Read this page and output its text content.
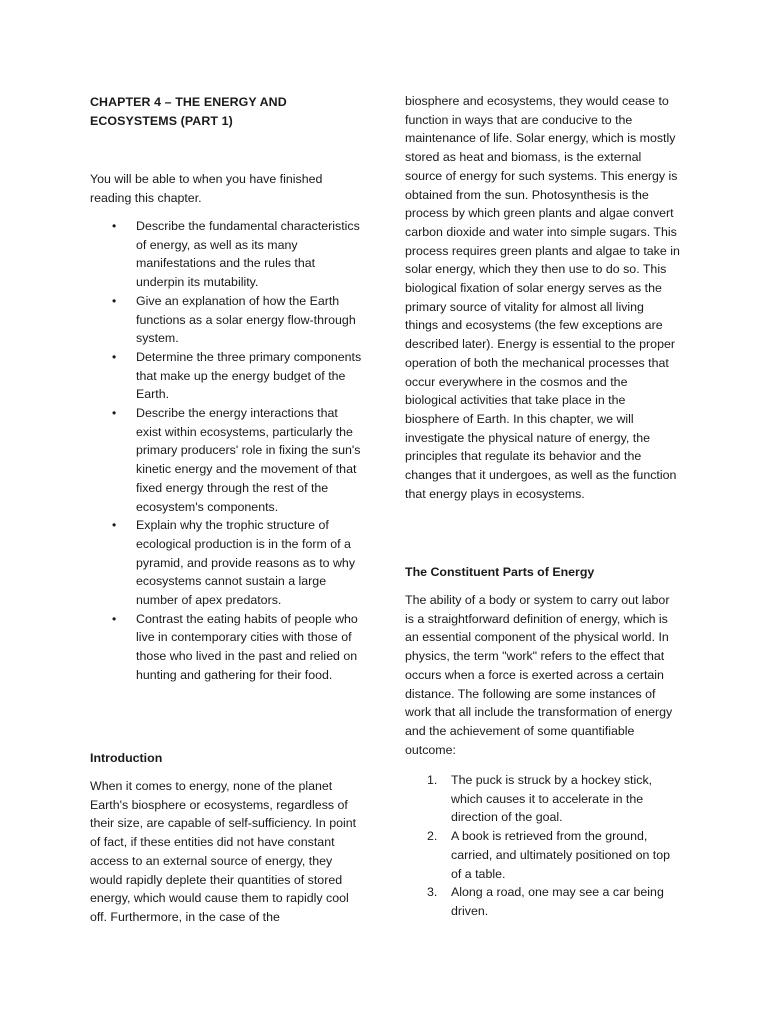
CHAPTER 4 – THE ENERGY AND ECOSYSTEMS (PART 1)

You will be able to when you have finished reading this chapter.

• Describe the fundamental characteristics of energy, as well as its many manifestations and the rules that underpin its mutability.
• Give an explanation of how the Earth functions as a solar energy flow-through system.
• Determine the three primary components that make up the energy budget of the Earth.
• Describe the energy interactions that exist within ecosystems, particularly the primary producers' role in fixing the sun's kinetic energy and the movement of that fixed energy through the rest of the ecosystem's components.
• Explain why the trophic structure of ecological production is in the form of a pyramid, and provide reasons as to why ecosystems cannot sustain a large number of apex predators.
• Contrast the eating habits of people who live in contemporary cities with those of those who lived in the past and relied on hunting and gathering for their food.
Introduction

When it comes to energy, none of the planet Earth's biosphere or ecosystems, regardless of their size, are capable of self-sufficiency. In point of fact, if these entities did not have constant access to an external source of energy, they would rapidly deplete their quantities of stored energy, which would cause them to rapidly cool off. Furthermore, in the case of the

biosphere and ecosystems, they would cease to function in ways that are conducive to the maintenance of life. Solar energy, which is mostly stored as heat and biomass, is the external source of energy for such systems. This energy is obtained from the sun. Photosynthesis is the process by which green plants and algae convert carbon dioxide and water into simple sugars. This process requires green plants and algae to take in solar energy, which they then use to do so. This biological fixation of solar energy serves as the primary source of vitality for almost all living things and ecosystems (the few exceptions are described later). Energy is essential to the proper operation of both the mechanical processes that occur everywhere in the cosmos and the biological activities that take place in the biosphere of Earth. In this chapter, we will investigate the physical nature of energy, the principles that regulate its behavior and the changes that it undergoes, as well as the function that energy plays in ecosystems.

The Constituent Parts of Energy

The ability of a body or system to carry out labor is a straightforward definition of energy, which is an essential component of the physical world. In physics, the term "work" refers to the effect that occurs when a force is exerted across a certain distance. The following are some instances of work that all include the transformation of energy and the achievement of some quantifiable outcome:

1. The puck is struck by a hockey stick, which causes it to accelerate in the direction of the goal.
2. A book is retrieved from the ground, carried, and ultimately positioned on top of a table.
3. Along a road, one may see a car being driven.
